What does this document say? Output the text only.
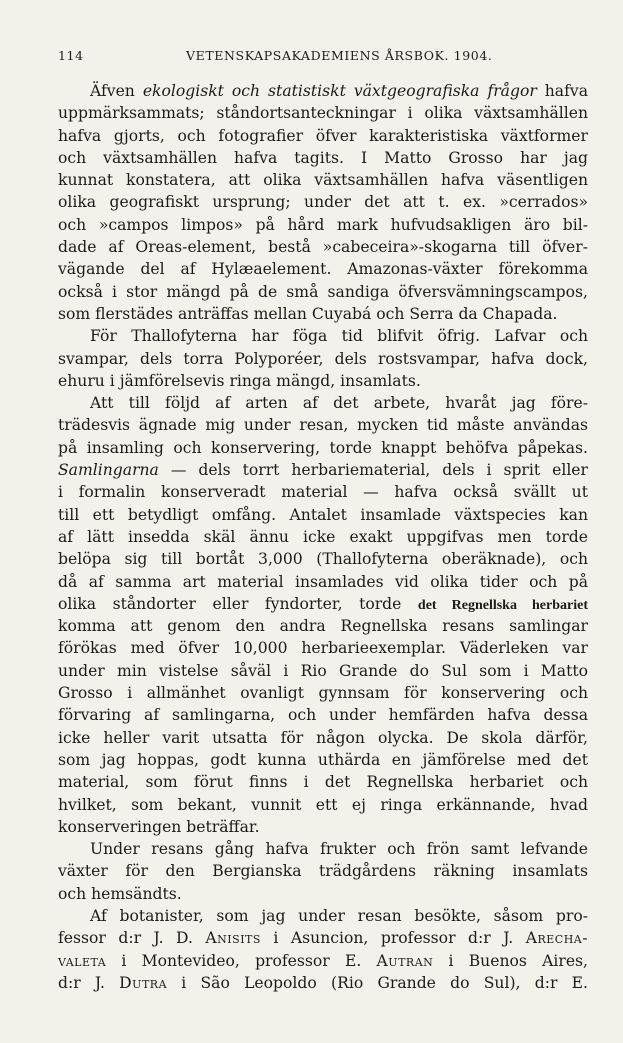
114	VETENSKAPSAKADEMIENS ÅRSBOK. 1904.
Äfven ekologiskt och statistiskt växtgeografiska frågor hafva
uppmärksammats; ståndortsanteckningar i olika växtsamhällen
hafva gjorts, och fotografier öfver karakteristiska växtformer
och växtsamhällen hafva tagits. I Matto Grosso har jag
kunnat konstatera, att olika växtsamhällen hafva väsentligen
olika geografiskt ursprung; under det att t. ex. »cerrados»
och »campos limpos» på hård mark hufvudsakligen äro bil-
dade af Oreas-element, bestå »cabeceira»-skogarna till öfver-
vägande del af Hylæaelement. Amazonas-växter förekomma
också i stor mängd på de små sandiga öfversvämningscampos,
som flerstädes anträffas mellan Cuyabá och Serra da Chapada.
För Thallofyterna har föga tid blifvit öfrig. Lafvar och
svampar, dels torra Polyporéer, dels rostsvampar, hafva dock,
ehuru i jämförelsevis ringa mängd, insamlats.
Att till följd af arten af det arbete, hvaråt jag före-
trädesvis ägnade mig under resan, mycken tid måste användas
på insamling och konservering, torde knappt behöfva påpekas.
Samlingarna — dels torrt herbariematerial, dels i sprit eller
i formalin konserveradt material — hafva också svällt ut
till ett betydligt omfång. Antalet insamlade växtspecies kan
af lätt insedda skäl ännu icke exakt uppgifvas men torde
belöpa sig till bortåt 3,000 (Thallofyterna oberäknade), och
då af samma art material insamlades vid olika tider och på
olika ståndorter eller fyndorter, torde det Regnellska herbariet
komma att genom den andra Regnellska resans samlingar
förökas med öfver 10,000 herbarieexemplar. Väderleken var
under min vistelse såväl i Rio Grande do Sul som i Matto
Grosso i allmänhet ovanligt gynnsam för konservering och
förvaring af samlingarna, och under hemfärden hafva dessa
icke heller varit utsatta för någon olycka. De skola därför,
som jag hoppas, godt kunna uthärda en jämförelse med det
material, som förut finns i det Regnellska herbariet och
hvilket, som bekant, vunnit ett ej ringa erkännande, hvad
konserveringen beträffar.
Under resans gång hafva frukter och frön samt lefvande
växter för den Bergianska trädgårdens räkning insamlats
och hemsändts.
Af botanister, som jag under resan besökte, såsom pro-
fessor d:r J. D. Anisits i Asuncion, professor d:r J. Arecha-
valeta i Montevideo, professor E. Autran i Buenos Aires,
d:r J. Dutra i São Leopoldo (Rio Grande do Sul), d:r E.
